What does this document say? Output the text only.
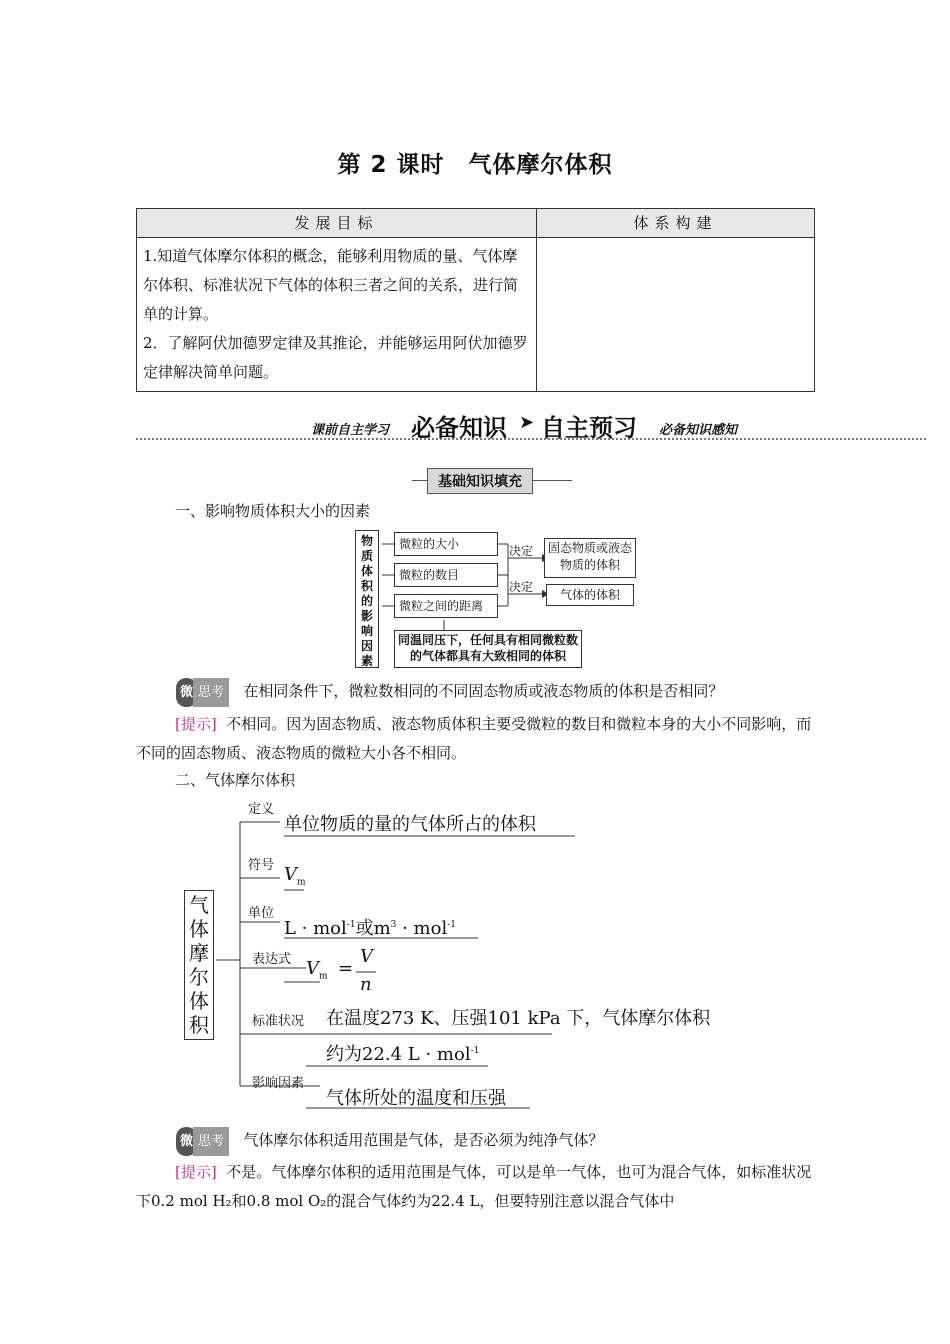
第 2 课时　气体摩尔体积
发展目标	体系构建

1.知道气体摩尔体积的概念，能够利用物质的量、气体摩尔体积、标准状况下气体的体积三者之间的关系，进行简单的计算。
2．了解阿伏加德罗定律及其推论，并能够运用阿伏加德罗定律解决简单问题。	

课前自主学习 必备知识 ➤ 自主预习 必备知识感知
基础知识填充

一、影响物质体积大小的因素

物质体积的影响因素
微粒的大小
微粒的数目
微粒之间的距离
决定
决定
固态物质或液态物质的体积
气体的体积
同温同压下，任何具有相同微粒数的气体都具有大致相同的体积

微 思考 在相同条件下，微粒数相同的不同固态物质或液态物质的体积是否相同？

[提示] 不相同。因为固态物质、液态物质体积主要受微粒的数目和微粒本身的大小不同影响，而不同的固态物质、液态物质的微粒大小各不相同。

二、气体摩尔体积

气体摩尔体积
定义
单位物质的量的气体所占的体积
符号 $V_m$
单位
L · mol$^{-1}$或$m^3 \cdot mol^{-1}$
表达式 $V_m$ =
V
n
标准状况 在温度273 K、压强101 kPa 下，气体摩尔体积
约为22.4 L · mol$^{-1}$
影响因素
气体所处的温度和压强

微 思考 气体摩尔体积适用范围是气体，是否必须为纯净气体？

[提示] 不是。气体摩尔体积的适用范围是气体，可以是单一气体，也可为混合气体，如标准状况下0.2 mol H₂和0.8 mol O₂的混合气体约为22.4 L，但要特别注意以混合气体中
